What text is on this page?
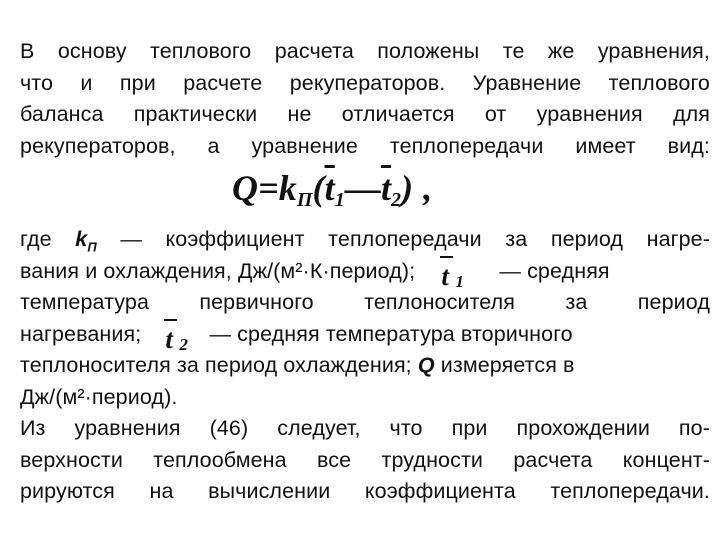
В основу теплового расчета положены те же уравнения,
что и при расчете рекуператоров. Уравнение теплового
баланса практически не отличается от уравнения для
рекуператоров, а уравнение теплопередачи имеет вид:
$Q=k_П(\overline{t}_1—\overline{t}_2)$ ,
где $k_П$ — коэффициент теплопередачи за период нагре-
вания и охлаждения, Дж/(м²·К·период); t 1 — средняя
температура первичного теплоносителя за период
нагревания; t 2 — средняя температура вторичного
теплоносителя за период охлаждения; Q измеряется в
Дж/(м²·период).
Из уравнения (46) следует, что при прохождении по-
верхности теплообмена все трудности расчета концент-
рируются на вычислении коэффициента теплопередачи.
